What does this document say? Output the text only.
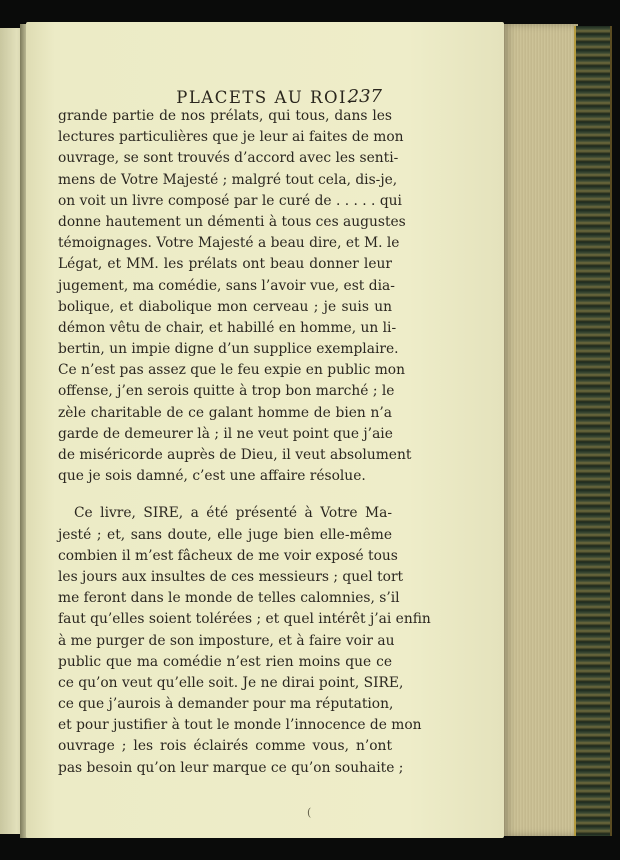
PLACETS AU ROI.
237
grande partie de nos prélats, qui tous, dans les
lectures particulières que je leur ai faites de mon
ouvrage, se sont trouvés d’accord avec les senti-
mens de Votre Majesté ; malgré tout cela, dis-je,
on voit un livre composé par le curé de . . . . . qui
donne hautement un démenti à tous ces augustes
témoignages. Votre Majesté a beau dire, et M. le
Légat, et MM. les prélats ont beau donner leur
jugement, ma comédie, sans l’avoir vue, est dia-
bolique, et diabolique mon cerveau ; je suis un
démon vêtu de chair, et habillé en homme, un li-
bertin, un impie digne d’un supplice exemplaire.
Ce n’est pas assez que le feu expie en public mon
offense, j’en serois quitte à trop bon marché ; le
zèle charitable de ce galant homme de bien n’a
garde de demeurer là ; il ne veut point que j’aie
de miséricorde auprès de Dieu, il veut absolument
que je sois damné, c’est une affaire résolue.
Ce livre, SIRE, a été présenté à Votre Ma-
jesté ; et, sans doute, elle juge bien elle-même
combien il m’est fâcheux de me voir exposé tous
les jours aux insultes de ces messieurs ; quel tort
me feront dans le monde de telles calomnies, s’il
faut qu’elles soient tolérées ; et quel intérêt j’ai enfin
à me purger de son imposture, et à faire voir au
public que ma comédie n’est rien moins que ce
ce qu’on veut qu’elle soit. Je ne dirai point, SIRE,
ce que j’aurois à demander pour ma réputation,
et pour justifier à tout le monde l’innocence de mon
ouvrage ; les rois éclairés comme vous, n’ont
pas besoin qu’on leur marque ce qu’on souhaite ;
(
